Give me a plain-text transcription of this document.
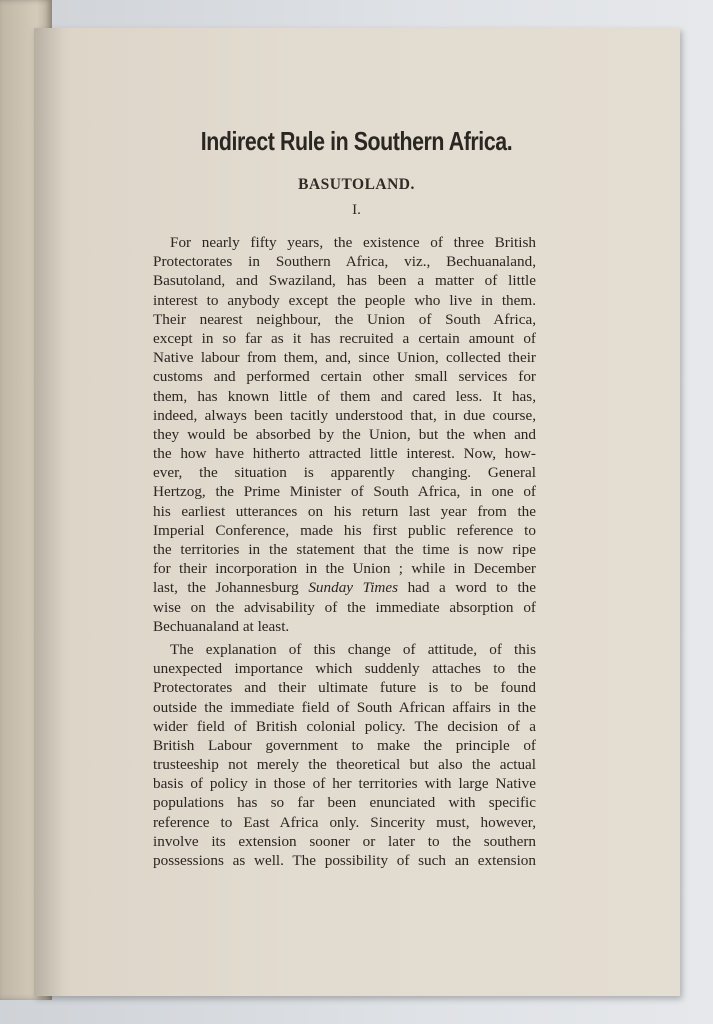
Indirect Rule in Southern Africa.
BASUTOLAND.
I.
For nearly fifty years, the existence of three British
Protectorates in Southern Africa, viz., Bechuanaland,
Basutoland, and Swaziland, has been a matter of little
interest to anybody except the people who live in them.
Their nearest neighbour, the Union of South Africa,
except in so far as it has recruited a certain amount of
Native labour from them, and, since Union, collected their
customs and performed certain other small services for
them, has known little of them and cared less. It has,
indeed, always been tacitly understood that, in due course,
they would be absorbed by the Union, but the when and
the how have hitherto attracted little interest. Now, how-
ever, the situation is apparently changing. General
Hertzog, the Prime Minister of South Africa, in one of
his earliest utterances on his return last year from the
Imperial Conference, made his first public reference to
the territories in the statement that the time is now ripe
for their incorporation in the Union ; while in December
last, the Johannesburg Sunday Times had a word to the
wise on the advisability of the immediate absorption of
Bechuanaland at least.
The explanation of this change of attitude, of this
unexpected importance which suddenly attaches to the
Protectorates and their ultimate future is to be found
outside the immediate field of South African affairs in the
wider field of British colonial policy. The decision of a
British Labour government to make the principle of
trusteeship not merely the theoretical but also the actual
basis of policy in those of her territories with large Native
populations has so far been enunciated with specific
reference to East Africa only. Sincerity must, however,
involve its extension sooner or later to the southern
possessions as well. The possibility of such an extension
